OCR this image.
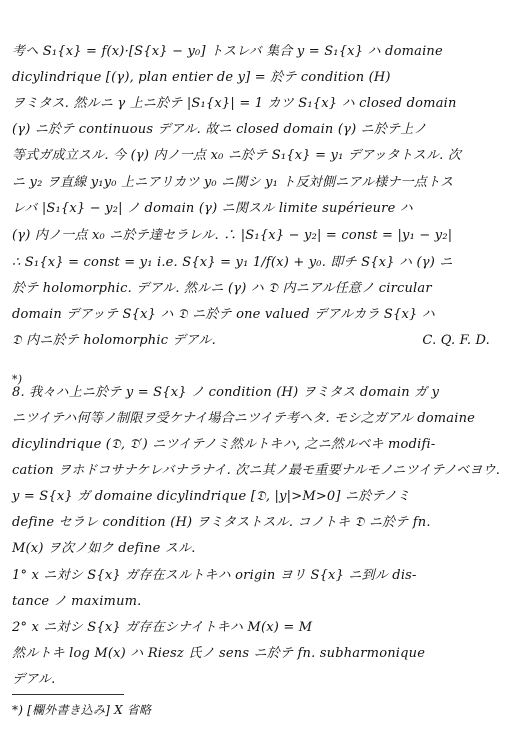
考ヘ S₁{x} = f(x)·[S{x} − y₀] トスレバ 集合 y = S₁{x} ハ domaine
dicylindrique [(γ), plan entier de y] = 於テ condition (H)
ヲミタス. 然ルニ γ 上ニ於テ |S₁{x}| = 1 カツ S₁{x} ハ closed domain
(γ) ニ於テ continuous デアル. 故ニ closed domain (γ) ニ於テ上ノ
等式ガ成立スル. 今 (γ) 内ノ一点 x₀ ニ於テ S₁{x} = y₁ デアッタトスル. 次
ニ y₂ ヲ直線 y₁y₀ 上ニアリカツ y₀ ニ関シ y₁ ト反対側ニアル様ナ一点トス
レバ |S₁{x} − y₂| ノ domain (γ) ニ関スル limite supérieure ハ
(γ) 内ノ一点 x₀ ニ於テ達セラレル. ∴ |S₁{x} − y₂| = const = |y₁ − y₂|
∴ S₁{x} = const = y₁ i.e. S{x} = y₁ 1/f(x) + y₀. 即チ S{x} ハ (γ) ニ
於テ holomorphic. デアル. 然ルニ (γ) ハ 𝔇 内ニアル任意ノ circular
domain デアッテ S{x} ハ 𝔇 ニ於テ one valued デアルカラ S{x} ハ
𝔇 内ニ於テ holomorphic デアル.	C. Q. F. D.
*)
8. 我々ハ上ニ於テ y = S{x} ノ condition (H) ヲミタス domain ガ y
ニツイテハ何等ノ制限ヲ受ケナイ場合ニツイテ考ヘタ. モシ之ガアル domaine
dicylindrique (𝔇, 𝔇′) ニツイテノミ然ルトキハ, 之ニ然ルベキ modifi-
cation ヲホドコサナケレバナラナイ. 次ニ其ノ最モ重要ナルモノニツイテノベヨウ.
y = S{x} ガ domaine dicylindrique [𝔇, |y|>M>0] ニ於テノミ
define セラレ condition (H) ヲミタストスル. コノトキ 𝔇 ニ於テ fn.
M(x) ヲ次ノ如ク define スル.
1° x ニ対シ S{x} ガ存在スルトキハ origin ヨリ S{x} ニ到ル dis-
tance ノ maximum.
2° x ニ対シ S{x} ガ存在シナイトキハ M(x) = M
然ルトキ log M(x) ハ Riesz 氏ノ sens ニ於テ fn. subharmonique
デアル.
*) [欄外書き込み] X 省略
